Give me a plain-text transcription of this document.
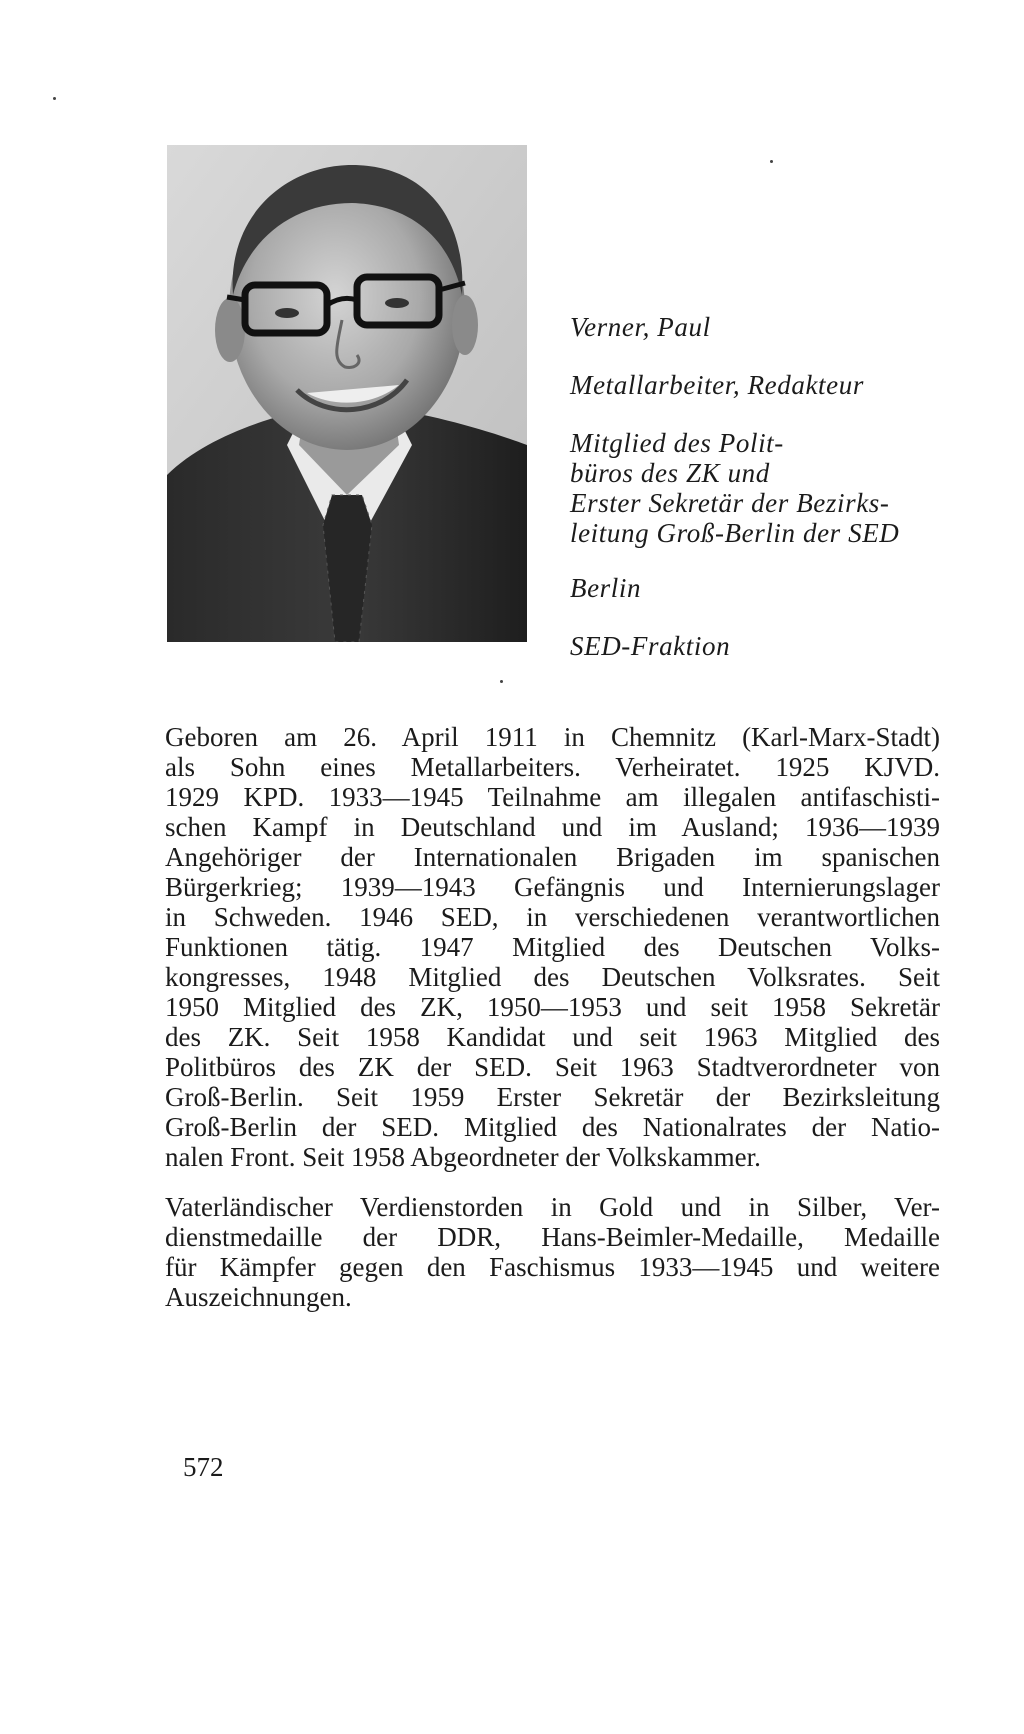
Verner, Paul
Metallarbeiter, Redakteur
Mitglied des Polit-
büros des ZK und
Erster Sekretär der Bezirks-
leitung Groß-Berlin der SED
Berlin
SED-Fraktion
Geboren am 26. April 1911 in Chemnitz (Karl-Marx-Stadt)
als Sohn eines Metallarbeiters. Verheiratet. 1925 KJVD.
1929 KPD. 1933—1945 Teilnahme am illegalen antifaschisti-
schen Kampf in Deutschland und im Ausland; 1936—1939
Angehöriger der Internationalen Brigaden im spanischen
Bürgerkrieg; 1939—1943 Gefängnis und Internierungslager
in Schweden. 1946 SED, in verschiedenen verantwortlichen
Funktionen tätig. 1947 Mitglied des Deutschen Volks-
kongresses, 1948 Mitglied des Deutschen Volksrates. Seit
1950 Mitglied des ZK, 1950—1953 und seit 1958 Sekretär
des ZK. Seit 1958 Kandidat und seit 1963 Mitglied des
Politbüros des ZK der SED. Seit 1963 Stadtverordneter von
Groß-Berlin. Seit 1959 Erster Sekretär der Bezirksleitung
Groß-Berlin der SED. Mitglied des Nationalrates der Natio-
nalen Front. Seit 1958 Abgeordneter der Volkskammer.
Vaterländischer Verdienstorden in Gold und in Silber, Ver-
dienstmedaille der DDR, Hans-Beimler-Medaille, Medaille
für Kämpfer gegen den Faschismus 1933—1945 und weitere
Auszeichnungen.
572
